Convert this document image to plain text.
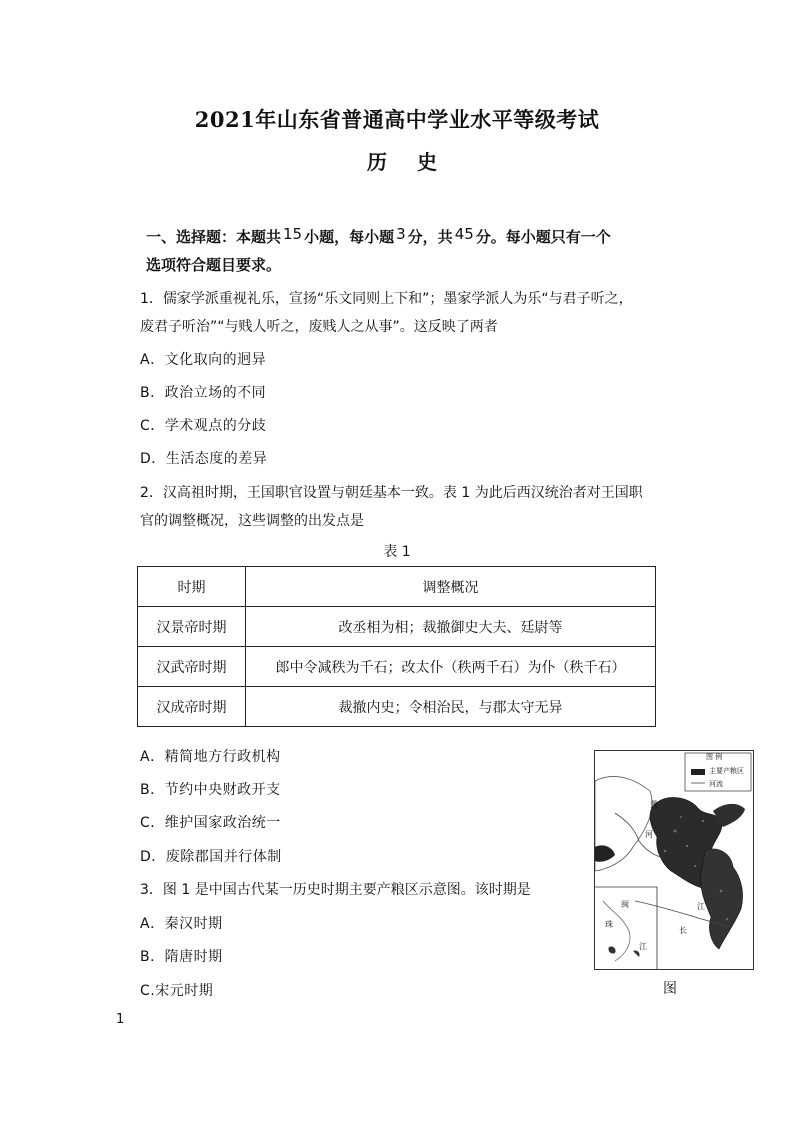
2021年山东省普通高中学业水平等级考试
历史
一、选择题：本题共 15 小题，每小题 3 分，共 45 分。每小题只有一个
选项符合题目要求。
1．儒家学派重视礼乐，宣扬“乐文同则上下和”；墨家学派人为乐“与君子听之，
废君子听治”“与贱人听之，废贱人之从事”。这反映了两者
A．文化取向的迥异
B．政治立场的不同
C．学术观点的分歧
D．生活态度的差异
2．汉高祖时期，王国职官设置与朝廷基本一致。表 1 为此后西汉统治者对王国职
官的调整概况，这些调整的出发点是
表 1
时期	调整概况
汉景帝时期	改丞相为相；裁撤御史大夫、廷尉等
汉武帝时期	郎中令减秩为千石；改太仆（秩两千石）为仆（秩千石）
汉成帝时期	裁撤内史；令相治民，与郡太守无异
A．精简地方行政机构
B．节约中央财政开支
C．维护国家政治统一
D．废除郡国并行体制
3．图 1 是中国古代某一历史时期主要产粮区示意图。该时期是
A．秦汉时期
B．隋唐时期
C.宋元时期
图 例
主要产粮区
河流
黄
河
江
长
珠
江
闽
图
1
